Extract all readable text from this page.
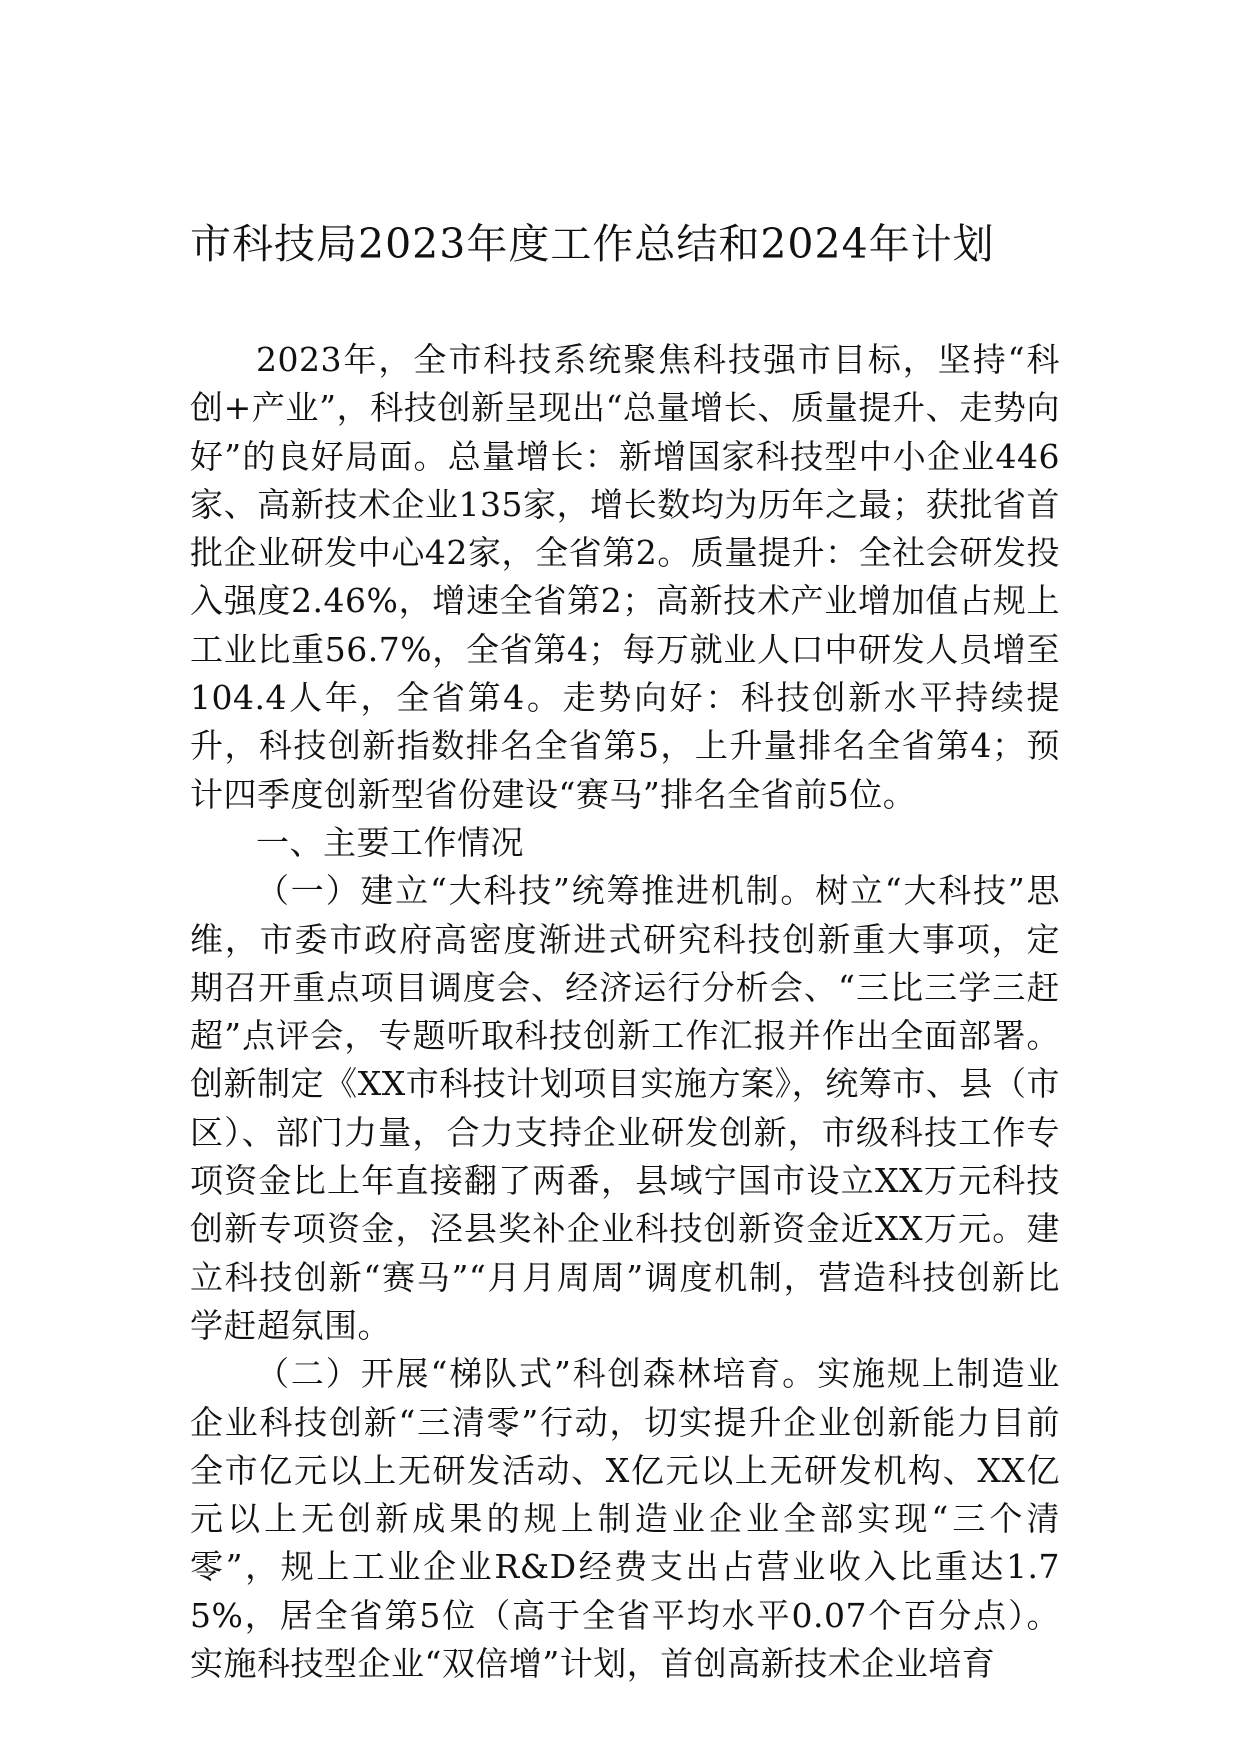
市科技局2023年度工作总结和2024年计划

2023年，全市科技系统聚焦科技强市目标，坚持“科创+产业”，科技创新呈现出“总量增长、质量提升、走势向好”的良好局面。总量增长：新增国家科技型中小企业446家、高新技术企业135家，增长数均为历年之最；获批省首批企业研发中心42家，全省第2。质量提升：全社会研发投入强度2.46%，增速全省第2；高新技术产业增加值占规上工业比重56.7%，全省第4；每万就业人口中研发人员增至104.4人年，全省第4。走势向好：科技创新水平持续提升，科技创新指数排名全省第5，上升量排名全省第4；预计四季度创新型省份建设“赛马”排名全省前5位。

一、主要工作情况

（一）建立“大科技”统筹推进机制。树立“大科技”思维，市委市政府高密度渐进式研究科技创新重大事项，定期召开重点项目调度会、经济运行分析会、“三比三学三赶超”点评会，专题听取科技创新工作汇报并作出全面部署。创新制定《XX市科技计划项目实施方案》，统筹市、县（市区）、部门力量，合力支持企业研发创新，市级科技工作专项资金比上年直接翻了两番，县域宁国市设立XX万元科技创新专项资金，泾县奖补企业科技创新资金近XX万元。建立科技创新“赛马”“月月周周”调度机制，营造科技创新比学赶超氛围。

（二）开展“梯队式”科创森林培育。实施规上制造业企业科技创新“三清零”行动，切实提升企业创新能力目前全市亿元以上无研发活动、X亿元以上无研发机构、XX亿元以上无创新成果的规上制造业企业全部实现“三个清零”，规上工业企业R&D经费支出占营业收入比重达1.75%，居全省第5位（高于全省平均水平0.07个百分点）。实施科技型企业“双倍增”计划，首创高新技术企业培育
